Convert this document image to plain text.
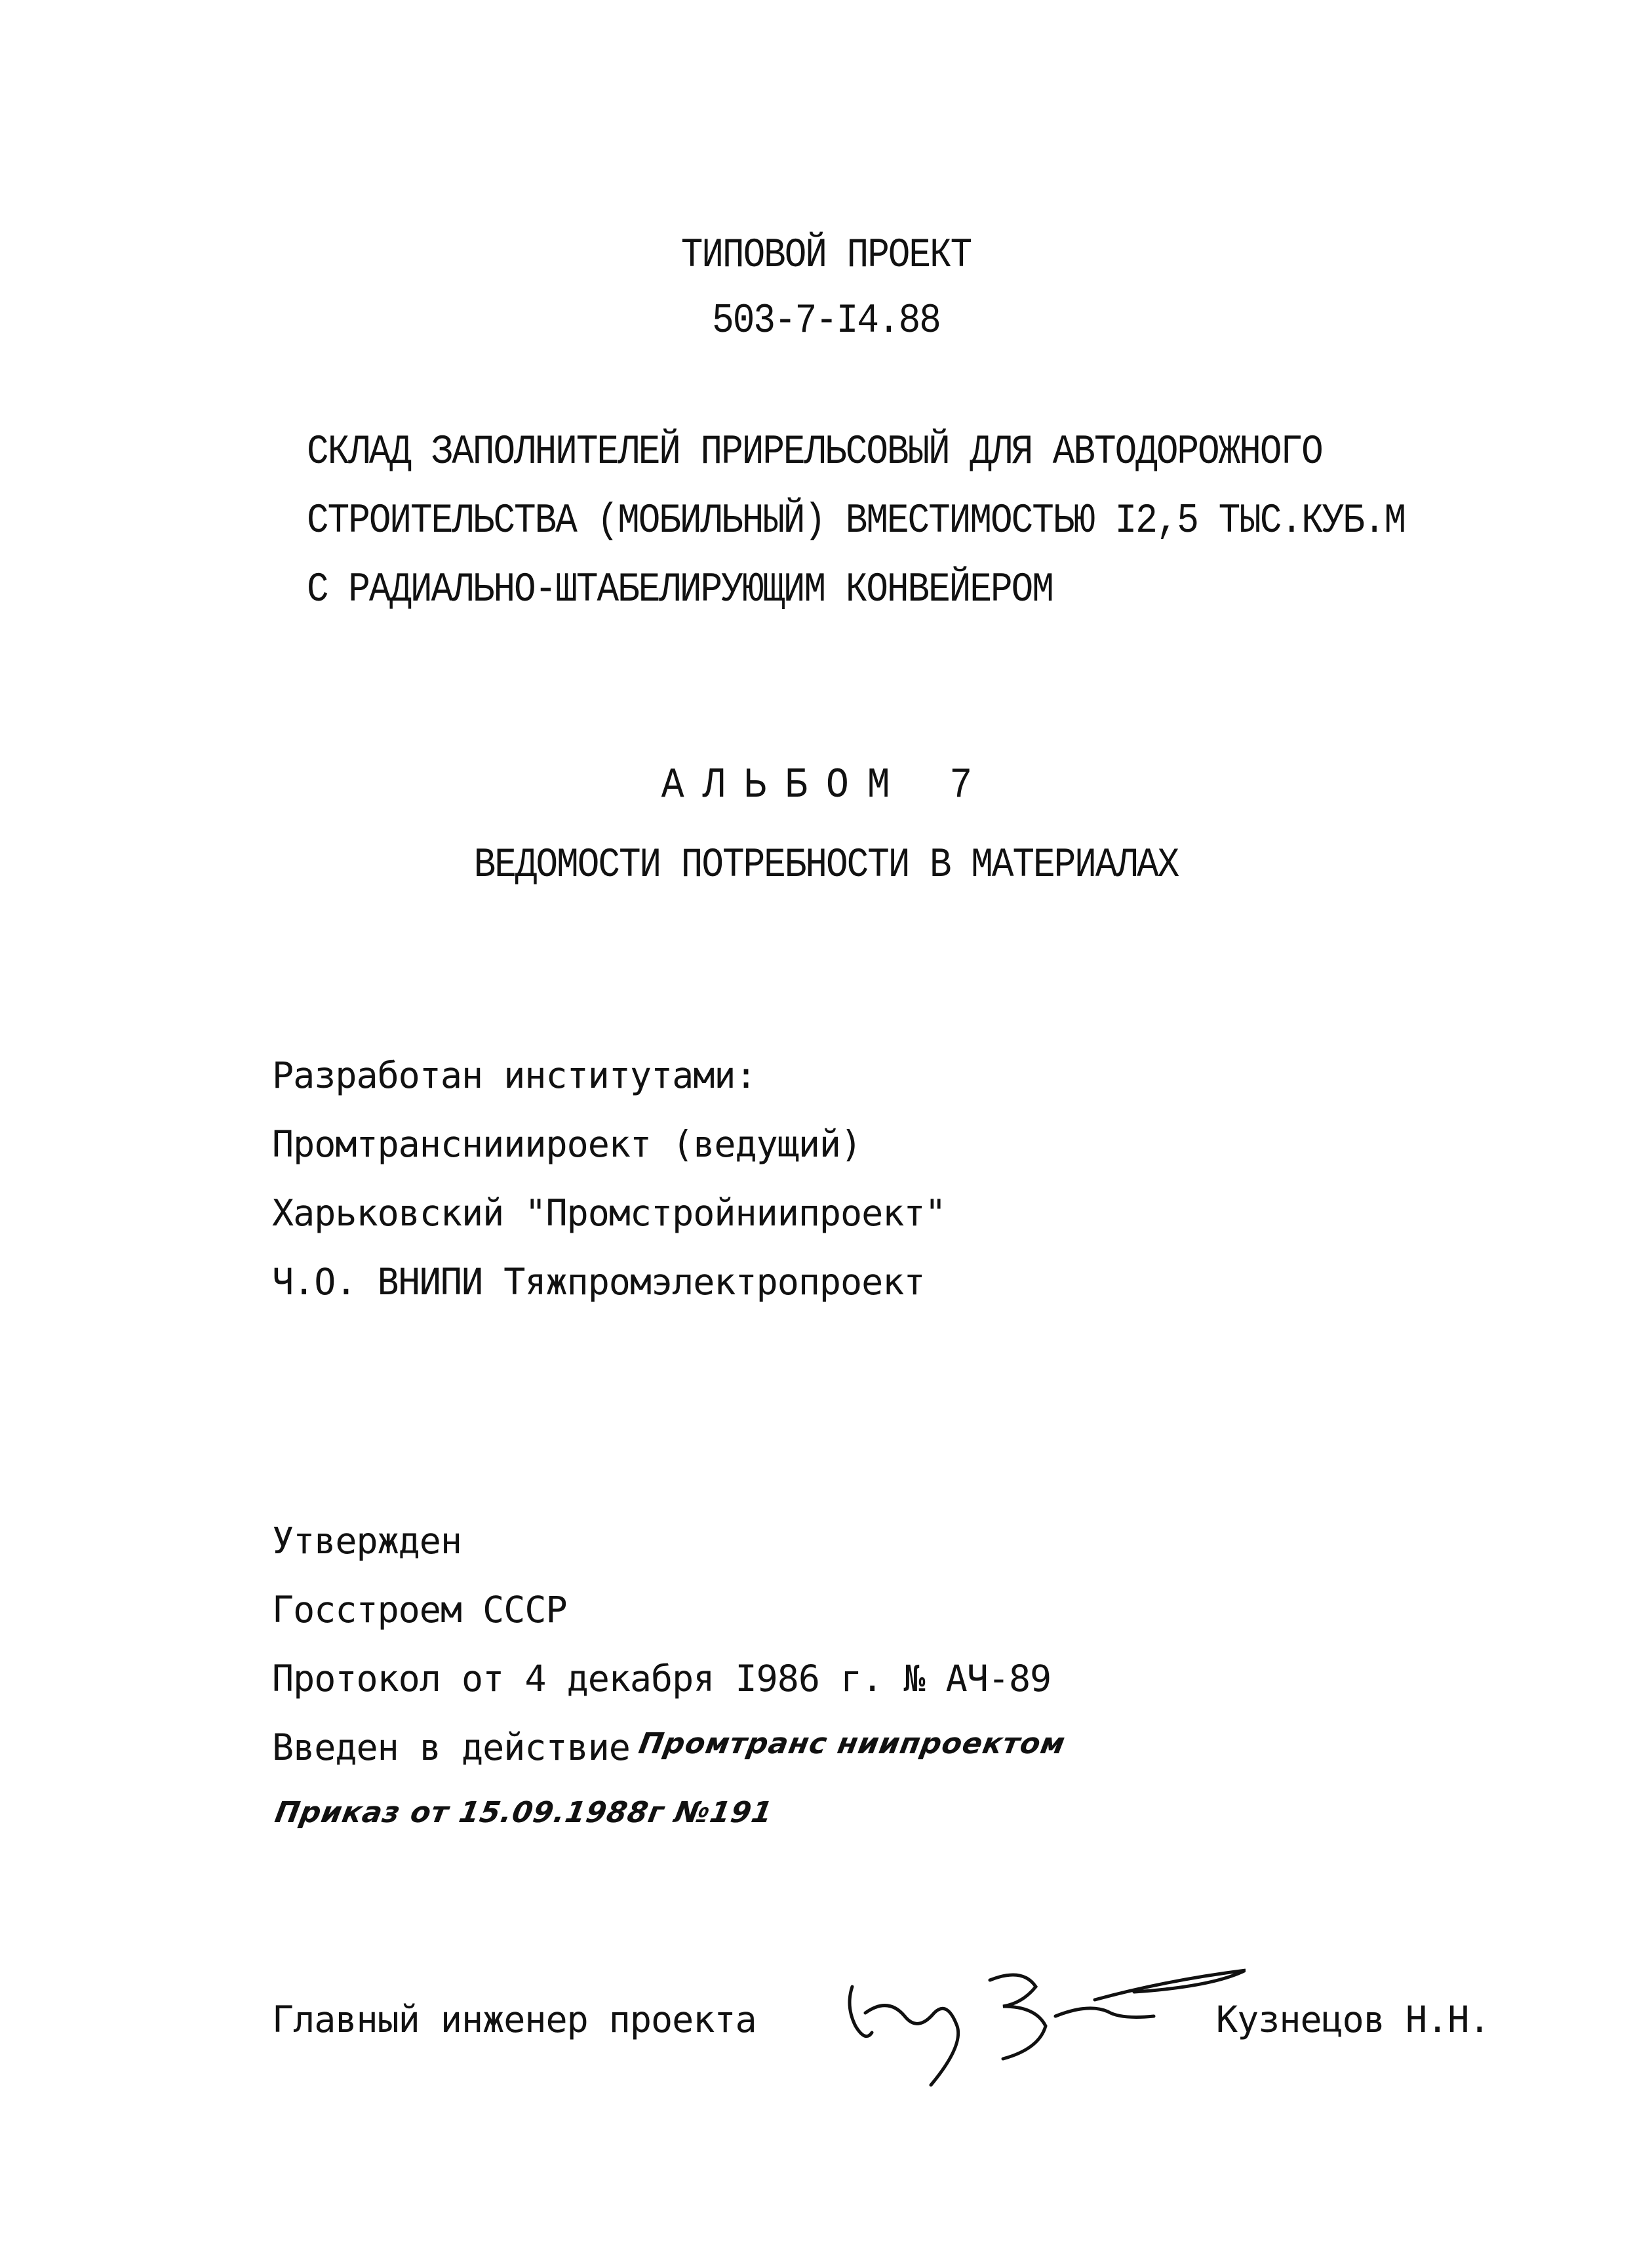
ТИПОВОЙ ПРОЕКТ
503-7-I4.88
СКЛАД ЗАПОЛНИТЕЛЕЙ ПРИРЕЛЬСОВЫЙ ДЛЯ АВТОДОРОЖНОГО
СТРОИТЕЛЬСТВА (МОБИЛЬНЫЙ) ВМЕСТИМОСТЬЮ I2,5 ТЫС.КУБ.М
С РАДИАЛЬНО-ШТАБЕЛИРУЮЩИМ КОНВЕЙЕРОМ
АЛЬБОМ 7
ВЕДОМОСТИ ПОТРЕБНОСТИ В МАТЕРИАЛАХ
Разработан институтами:
Промтранснииироект (ведущий)
Харьковский "Промстройниипроект"
Ч.О. ВНИПИ Тяжпромэлектропроект
Утвержден
Госстроем СССР
Протокол от 4 декабря I986 г. № АЧ-89
Введен в действие Промтранс ниипроектом
Приказ от 15.09.1988г №191
Главный инженер проекта	Кузнецов Н.Н.
